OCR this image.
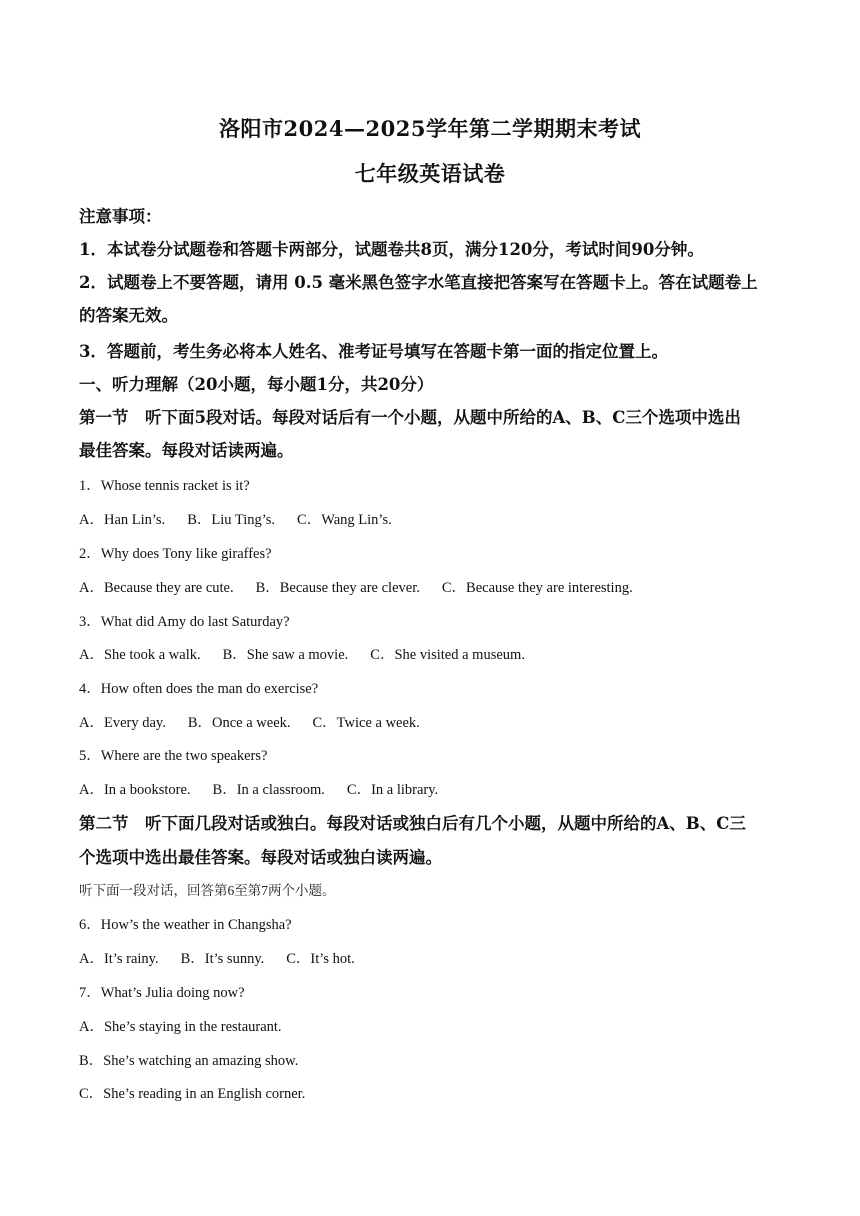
洛阳市2024—2025学年第二学期期末考试
七年级英语试卷
注意事项：
1．本试卷分试题卷和答题卡两部分，试题卷共8页，满分120分，考试时间90分钟。
2．试题卷上不要答题，请用 0.5 毫米黑色签字水笔直接把答案写在答题卡上。答在试题卷上
的答案无效。
3．答题前，考生务必将本人姓名、准考证号填写在答题卡第一面的指定位置上。
一、听力理解（20小题，每小题1分，共20分）
第一节　听下面5段对话。每段对话后有一个小题，从题中所给的A、B、C三个选项中选出
最佳答案。每段对话读两遍。
1．Whose tennis racket is it?
A．Han Lin’s. B．Liu Ting’s. C．Wang Lin’s.
2．Why does Tony like giraffes?
A．Because they are cute. B．Because they are clever. C．Because they are interesting.
3．What did Amy do last Saturday?
A．She took a walk. B．She saw a movie. C．She visited a museum.
4．How often does the man do exercise?
A．Every day. B．Once a week. C．Twice a week.
5．Where are the two speakers?
A．In a bookstore. B．In a classroom. C．In a library.
第二节　听下面几段对话或独白。每段对话或独白后有几个小题，从题中所给的A、B、C三
个选项中选出最佳答案。每段对话或独白读两遍。
听下面一段对话，回答第6至第7两个小题。
6．How’s the weather in Changsha?
A．It’s rainy. B．It’s sunny. C．It’s hot.
7．What’s Julia doing now?
A．She’s staying in the restaurant.
B．She’s watching an amazing show.
C．She’s reading in an English corner.
